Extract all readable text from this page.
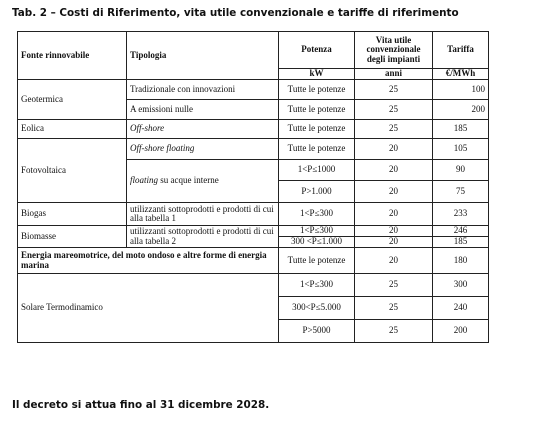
Tab. 2 – Costi di Riferimento, vita utile convenzionale e tariffe di riferimento
Fonte rinnovabile	Tipologia	Potenza	Vita utile convenzionale degli impianti	Tariffa
		kW	anni	€/MWh
Geotermica	Tradizionale con innovazioni	Tutte le potenze	25	100
	A emissioni nulle	Tutte le potenze	25	200
Eolica	Off-shore	Tutte le potenze	25	185
Fotovoltaica	Off-shore floating	Tutte le potenze	20	105
	floating su acque interne	1<P≤1000	20	90
		P>1.000	20	75
Biogas	utilizzanti sottoprodotti e prodotti di cui alla tabella 1	1<P≤300	20	233
Biomasse	utilizzanti sottoprodotti e prodotti di cui alla tabella 2	1<P≤300	20	246
		300 <P≤1.000	20	185
Energia mareomotrice, del moto ondoso e altre forme di energia marina		Tutte le potenze	20	180
Solare Termodinamico		1<P≤300	25	300
		300<P≤5.000	25	240
		P>5000	25	200
Il decreto si attua fino al 31 dicembre 2028.
